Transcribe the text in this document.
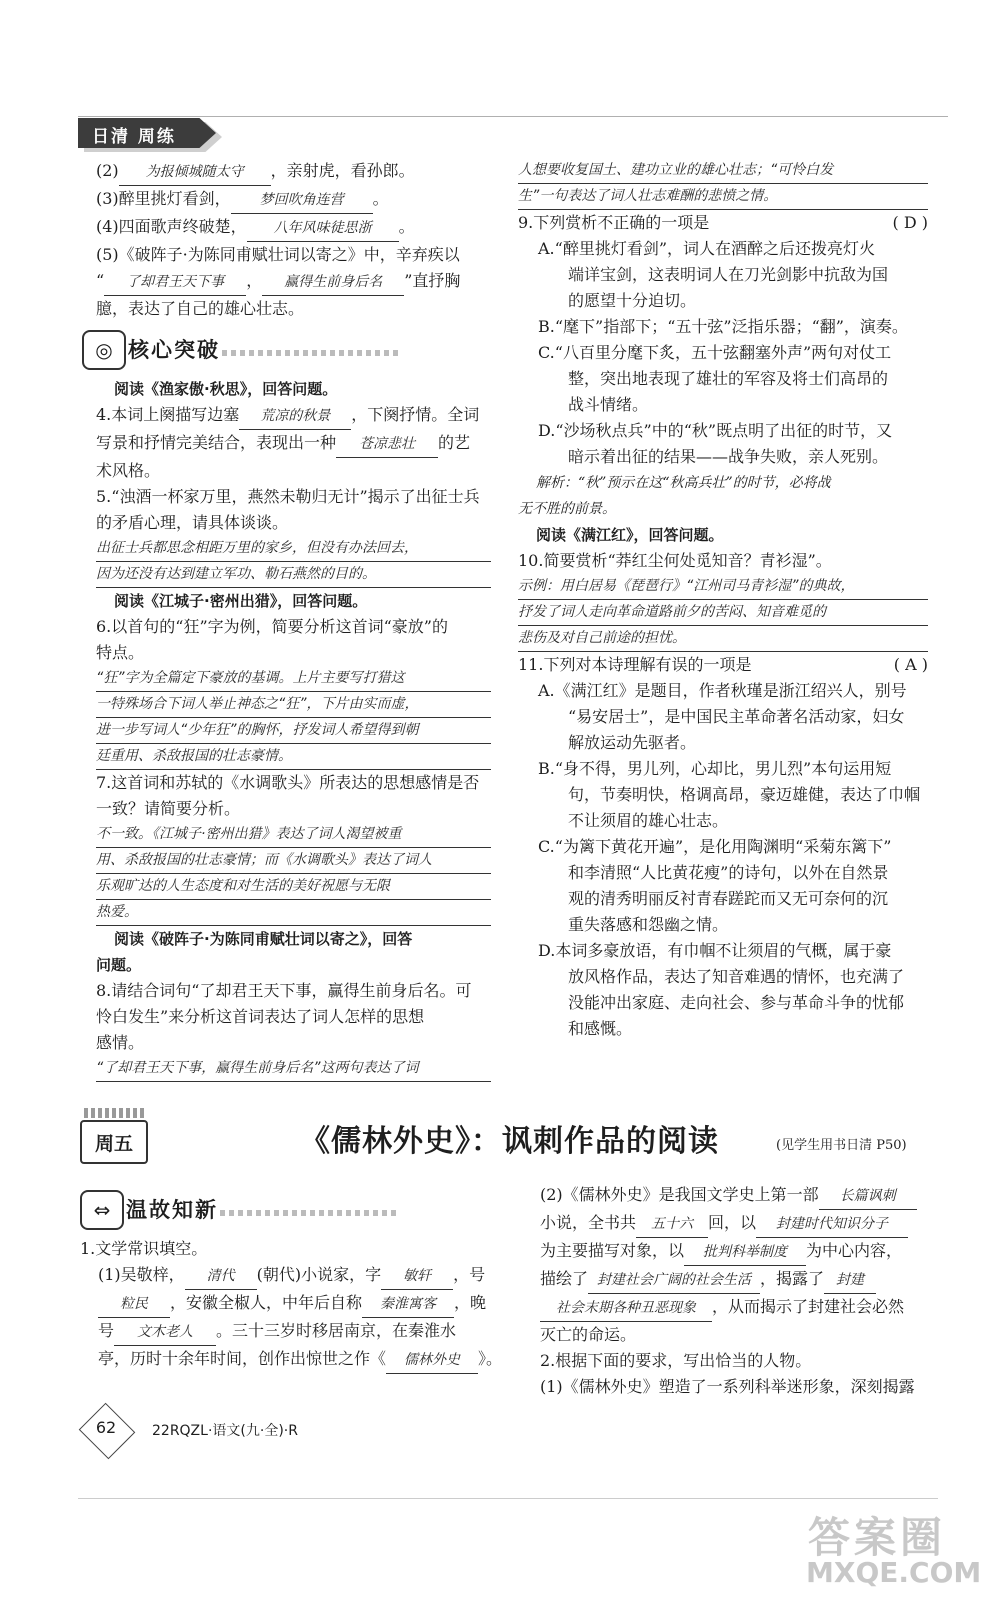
日清 周练
(2) 为报倾城随太守 ，亲射虎，看孙郎。
(3)醉里挑灯看剑， 梦回吹角连营 。
(4)四面歌声终破楚， 八年风味徒思浙 。
(5)《破阵子·为陈同甫赋壮词以寄之》中，辛弃疾以
“ 了却君王天下事 ， 赢得生前身后名 ”直抒胸
臆，表达了自己的雄心壮志。
◎ 核心突破
阅读《渔家傲·秋思》，回答问题。
4.本词上阕描写边塞 荒凉的秋景 ，下阕抒情。全词
写景和抒情完美结合，表现出一种 苍凉悲壮 的艺
术风格。
5.“浊酒一杯家万里，燕然未勒归无计”揭示了出征士兵
的矛盾心理，请具体谈谈。
出征士兵都思念相距万里的家乡，但没有办法回去，
因为还没有达到建立军功、勒石燕然的目的。
阅读《江城子·密州出猎》，回答问题。
6.以首句的“狂”字为例，简要分析这首词“豪放”的
特点。
“狂”字为全篇定下豪放的基调。上片主要写打猎这
一特殊场合下词人举止神态之“狂”，下片由实而虚，
进一步写词人“少年狂”的胸怀，抒发词人希望得到朝
廷重用、杀敌报国的壮志豪情。
7.这首词和苏轼的《水调歌头》所表达的思想感情是否
一致？请简要分析。
不一致。《江城子·密州出猎》表达了词人渴望被重
用、杀敌报国的壮志豪情；而《水调歌头》表达了词人
乐观旷达的人生态度和对生活的美好祝愿与无限
热爱。
阅读《破阵子·为陈同甫赋壮词以寄之》，回答
问题。
8.请结合词句“了却君王天下事，赢得生前身后名。可
怜白发生”来分析这首词表达了词人怎样的思想
感情。
“了却君王天下事，赢得生前身后名”这两句表达了词
人想要收复国土、建功立业的雄心壮志；“可怜白发
生”一句表达了词人壮志难酬的悲愤之情。
9.下列赏析不正确的一项是	( D )
A.“醉里挑灯看剑”，词人在酒醉之后还拨亮灯火
端详宝剑，这表明词人在刀光剑影中抗敌为国
的愿望十分迫切。
B.“麾下”指部下；“五十弦”泛指乐器；“翻”，演奏。
C.“八百里分麾下炙，五十弦翻塞外声”两句对仗工
整，突出地表现了雄壮的军容及将士们高昂的
战斗情绪。
D.“沙场秋点兵”中的“秋”既点明了出征的时节，又
暗示着出征的结果——战争失败，亲人死别。
解析：“秋”预示在这“秋高兵壮”的时节，必将战
无不胜的前景。
阅读《满江红》，回答问题。
10.简要赏析“莽红尘何处觅知音？青衫湿”。
示例：用白居易《琵琶行》“江州司马青衫湿”的典故，
抒发了词人走向革命道路前夕的苦闷、知音难觅的
悲伤及对自己前途的担忧。
11.下列对本诗理解有误的一项是	( A )
A.《满江红》是题目，作者秋瑾是浙江绍兴人，别号
“易安居士”，是中国民主革命著名活动家，妇女
解放运动先驱者。
B.“身不得，男儿列，心却比，男儿烈”本句运用短
句，节奏明快，格调高昂，豪迈雄健，表达了巾帼
不让须眉的雄心壮志。
C.“为篱下黄花开遍”，是化用陶渊明“采菊东篱下”
和李清照“人比黄花瘦”的诗句，以外在自然景
观的清秀明丽反衬青春蹉跎而又无可奈何的沉
重失落感和怨幽之情。
D.本词多豪放语，有巾帼不让须眉的气概，属于豪
放风格作品，表达了知音难遇的情怀，也充满了
没能冲出家庭、走向社会、参与革命斗争的忧郁
和感慨。
周五	《儒林外史》：讽刺作品的阅读	(见学生用书日清 P50)
⇔ 温故知新
1.文学常识填空。
(1)吴敬梓， 清代 (朝代)小说家，字 敏轩 ，号
粒民 ，安徽全椒人，中年后自称 秦淮寓客 ，晚
号 文木老人 。三十三岁时移居南京，在秦淮水
亭，历时十余年时间，创作出惊世之作《 儒林外史 》。
(2)《儒林外史》是我国文学史上第一部 长篇讽刺
小说，全书共 五十六 回，以 封建时代知识分子
为主要描写对象，以 批判科举制度 为中心内容，
描绘了 封建社会广阔的社会生活 ，揭露了 封建
社会末期各种丑恶现象 ，从而揭示了封建社会必然
灭亡的命运。
2.根据下面的要求，写出恰当的人物。
(1)《儒林外史》塑造了一系列科举迷形象，深刻揭露
62	22RQZL·语文(九·全)·R
答案圈
MXQE.COM
